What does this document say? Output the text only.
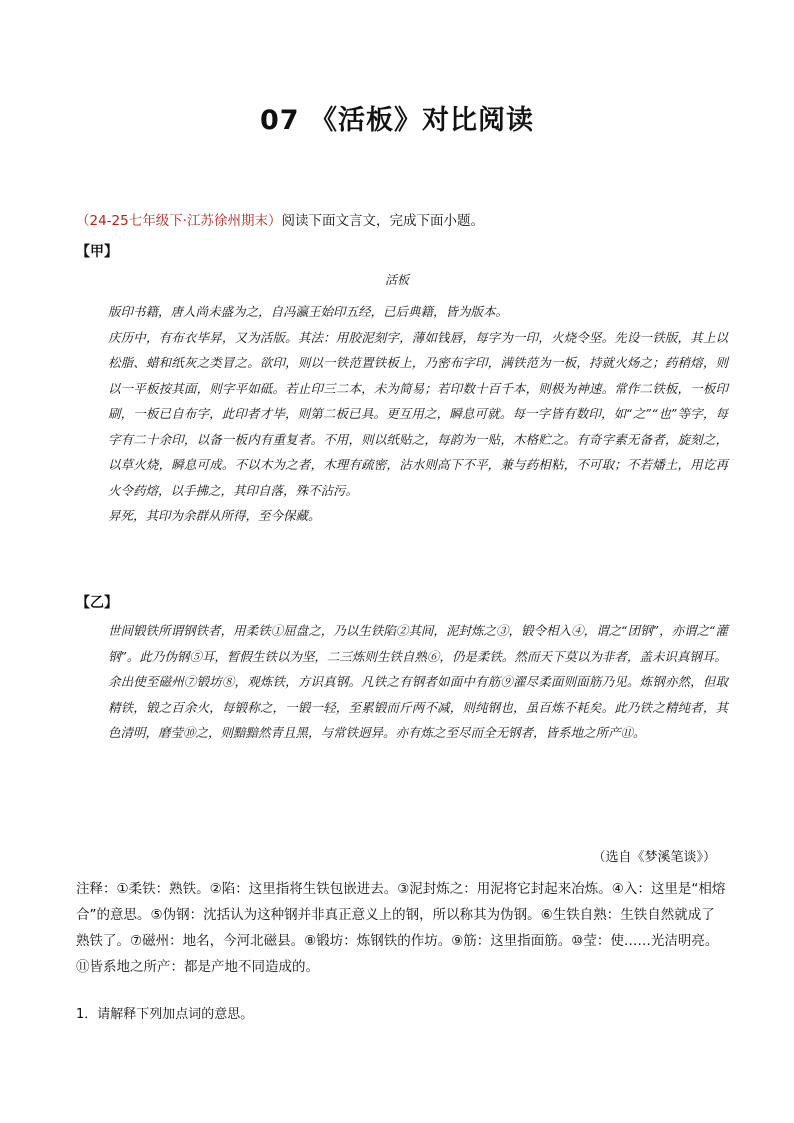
07 《活板》对比阅读
（24-25七年级下·江苏徐州期末）阅读下面文言文，完成下面小题。
【甲】
活板

版印书籍，唐人尚未盛为之，自冯瀛王始印五经，已后典籍，皆为版本。

庆历中，有布衣毕昇，又为活版。其法：用胶泥刻字，薄如钱唇，每字为一印，火烧令坚。先设一铁版，其上以松脂、蜡和纸灰之类冒之。欲印，则以一铁范置铁板上，乃密布字印，满铁范为一板，持就火炀之；药稍熔，则以一平板按其面，则字平如砥。若止印三二本，未为简易；若印数十百千本，则极为神速。常作二铁板，一板印刷，一板已自布字，此印者才毕，则第二板已具。更互用之，瞬息可就。每一字皆有数印，如“之”“也”等字，每字有二十余印，以备一板内有重复者。不用，则以纸贴之，每韵为一贴，木格贮之。有奇字素无备者，旋刻之，以草火烧，瞬息可成。不以木为之者，木理有疏密，沾水则高下不平，兼与药相粘，不可取；不若燔土，用讫再火令药熔，以手拂之，其印自落，殊不沾污。

昇死，其印为余群从所得，至今保藏。

【乙】

世间锻铁所谓钢铁者，用柔铁①屈盘之，乃以生铁陷②其间，泥封炼之③，锻令相入④，谓之“团钢”，亦谓之“灌钢”。此乃伪钢⑤耳，暂假生铁以为坚，二三炼则生铁自熟⑥，仍是柔铁。然而天下莫以为非者，盖未识真钢耳。

余出使至磁州⑦锻坊⑧，观炼铁，方识真钢。凡铁之有钢者如面中有筋⑨濯尽柔面则面筋乃见。炼钢亦然，但取精铁，锻之百余火，每锻称之，一锻一轻，至累锻而斤两不减，则纯钢也，虽百炼不耗矣。此乃铁之精纯者，其色清明，磨莹⑩之，则黯黯然青且黑，与常铁迥异。亦有炼之至尽而全无钢者，皆系地之所产⑪。

（选自《梦溪笔谈》）
注释：①柔铁：熟铁。②陷：这里指将生铁包嵌进去。③泥封炼之：用泥将它封起来冶炼。④入：这里是“相熔合”的意思。⑤伪钢：沈括认为这种钢并非真正意义上的钢，所以称其为伪钢。⑥生铁自熟：生铁自然就成了熟铁了。⑦磁州：地名，今河北磁县。⑧锻坊：炼钢铁的作坊。⑨筋：这里指面筋。⑩莹：使……光洁明亮。⑪皆系地之所产：都是产地不同造成的。
1．请解释下列加点词的意思。
